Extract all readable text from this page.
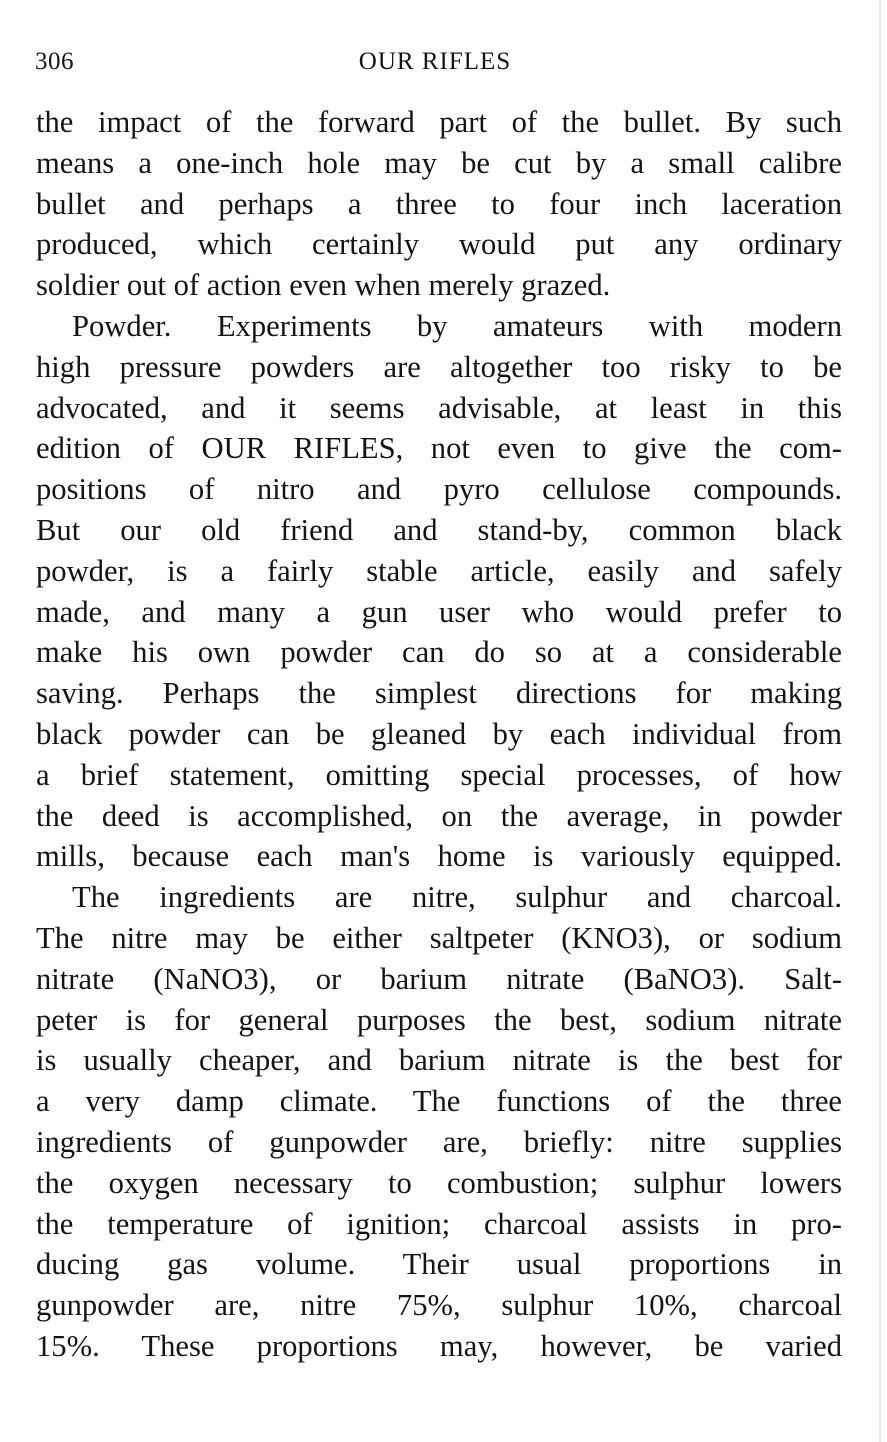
306	OUR RIFLES
the impact of the forward part of the bullet. By such
means a one-inch hole may be cut by a small calibre
bullet and perhaps a three to four inch laceration
produced, which certainly would put any ordinary
soldier out of action even when merely grazed.
Powder. Experiments by amateurs with modern
high pressure powders are altogether too risky to be
advocated, and it seems advisable, at least in this
edition of OUR RIFLES, not even to give the com-
positions of nitro and pyro cellulose compounds.
But our old friend and stand-by, common black
powder, is a fairly stable article, easily and safely
made, and many a gun user who would prefer to
make his own powder can do so at a considerable
saving. Perhaps the simplest directions for making
black powder can be gleaned by each individual from
a brief statement, omitting special processes, of how
the deed is accomplished, on the average, in powder
mills, because each man's home is variously equipped.
The ingredients are nitre, sulphur and charcoal.
The nitre may be either saltpeter (KNO3), or sodium
nitrate (NaNO3), or barium nitrate (BaNO3). Salt-
peter is for general purposes the best, sodium nitrate
is usually cheaper, and barium nitrate is the best for
a very damp climate. The functions of the three
ingredients of gunpowder are, briefly: nitre supplies
the oxygen necessary to combustion; sulphur lowers
the temperature of ignition; charcoal assists in pro-
ducing gas volume. Their usual proportions in
gunpowder are, nitre 75%, sulphur 10%, charcoal
15%. These proportions may, however, be varied
